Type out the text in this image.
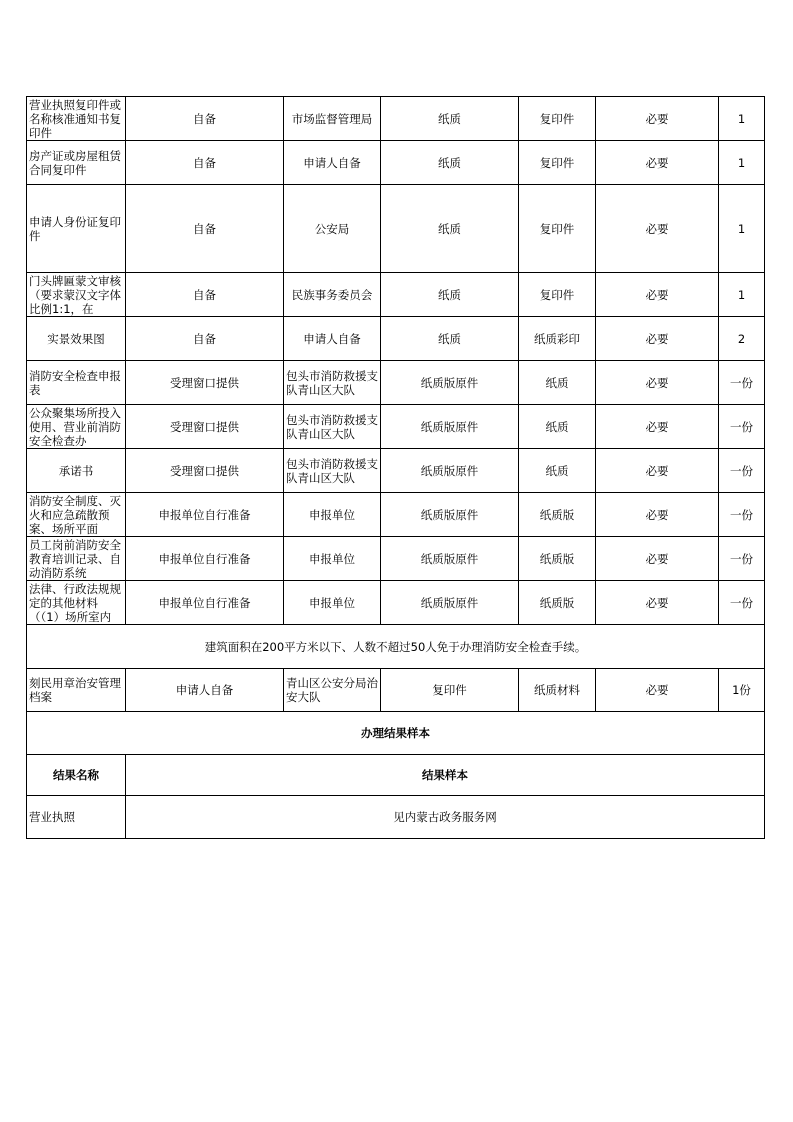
营业执照复印件或名称核准通知书复印件	自备	市场监督管理局	纸质	复印件	必要	1

房产证或房屋租赁合同复印件	自备	申请人自备	纸质	复印件	必要	1

申请人身份证复印件	自备	公安局	纸质	复印件	必要	1

门头牌匾蒙文审核（要求蒙汉文字体比例1:1，在	自备	民族事务委员会	纸质	复印件	必要	1

实景效果图	自备	申请人自备	纸质	纸质彩印	必要	2

消防安全检查申报表	受理窗口提供	包头市消防救援支队青山区大队	纸质版原件	纸质	必要	一份

公众聚集场所投入使用、营业前消防安全检查办	受理窗口提供	包头市消防救援支队青山区大队	纸质版原件	纸质	必要	一份

承诺书	受理窗口提供	包头市消防救援支队青山区大队	纸质版原件	纸质	必要	一份

消防安全制度、灭火和应急疏散预案、场所平面	申报单位自行准备	申报单位	纸质版原件	纸质版	必要	一份

员工岗前消防安全教育培训记录、自动消防系统	申报单位自行准备	申报单位	纸质版原件	纸质版	必要	一份

法律、行政法规规定的其他材料（（1）场所室内	申报单位自行准备	申报单位	纸质版原件	纸质版	必要	一份
建筑面积在200平方米以下、人数不超过50人免于办理消防安全检查手续。						

刻民用章治安管理档案	申请人自备	青山区公安分局治安大队	复印件	纸质材料	必要	1份
办理结果样本						
结果名称	结果样本					
营业执照	见内蒙古政务服务网					
